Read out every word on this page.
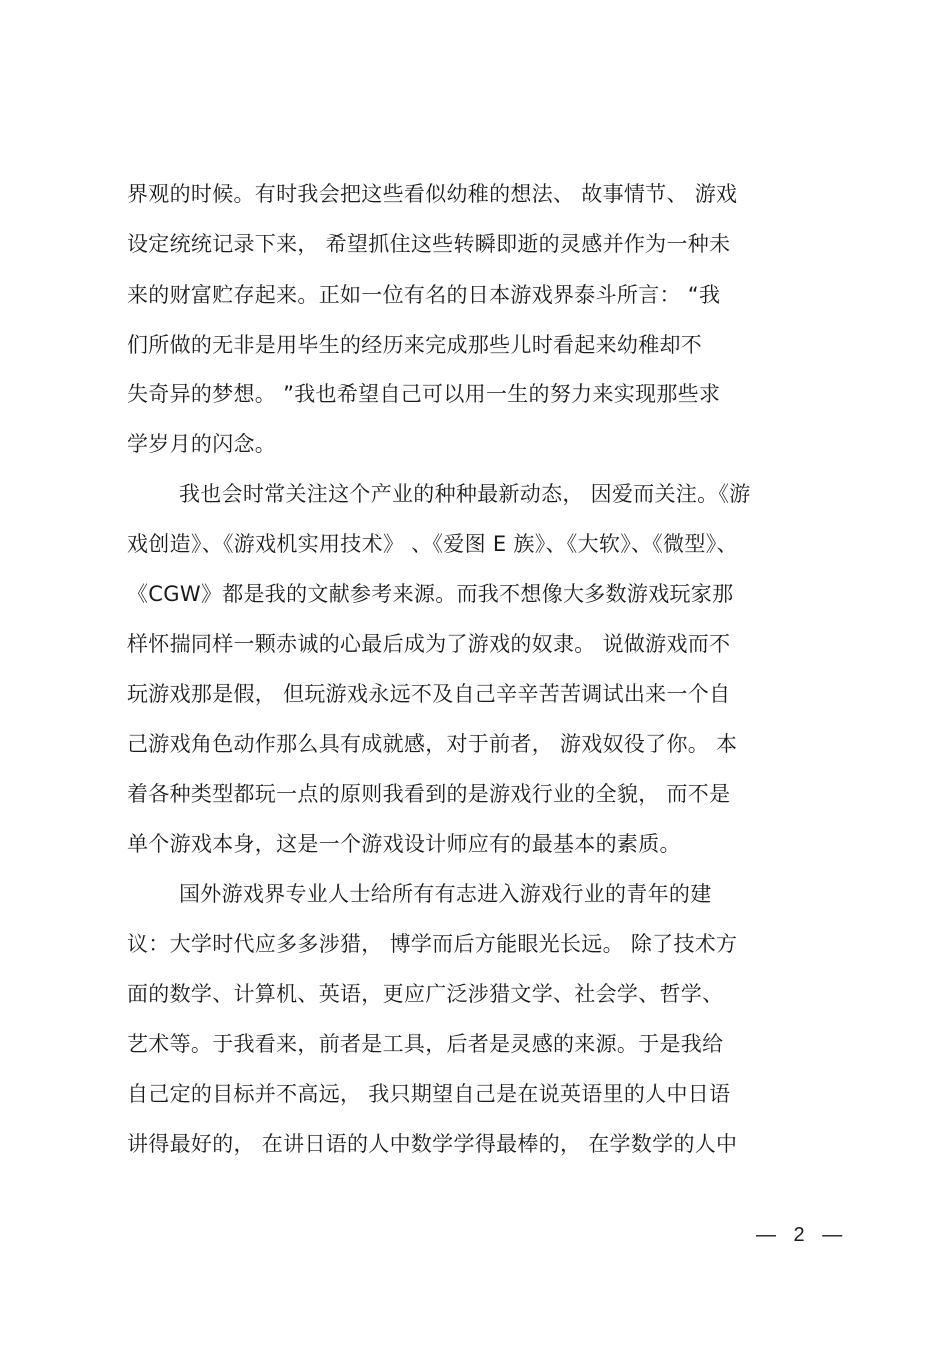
界观的时候。有时我会把这些看似幼稚的想法、 故事情节、 游戏
设定统统记录下来， 希望抓住这些转瞬即逝的灵感并作为一种未
来的财富贮存起来。正如一位有名的日本游戏界泰斗所言： “我
们所做的无非是用毕生的经历来完成那些儿时看起来幼稚却不
失奇异的梦想。 ”我也希望自己可以用一生的努力来实现那些求
学岁月的闪念。
我也会时常关注这个产业的种种最新动态， 因爱而关注。《游
戏创造》、《游戏机实用技术》 、《爱图 E 族》、《大软》、《微型》、
《CGW》都是我的文献参考来源。而我不想像大多数游戏玩家那
样怀揣同样一颗赤诚的心最后成为了游戏的奴隶。 说做游戏而不
玩游戏那是假， 但玩游戏永远不及自己辛辛苦苦调试出来一个自
己游戏角色动作那么具有成就感，对于前者， 游戏奴役了你。 本
着各种类型都玩一点的原则我看到的是游戏行业的全貌， 而不是
单个游戏本身，这是一个游戏设计师应有的最基本的素质。
国外游戏界专业人士给所有有志进入游戏行业的青年的建
议：大学时代应多多涉猎， 博学而后方能眼光长远。 除了技术方
面的数学、计算机、英语，更应广泛涉猎文学、社会学、哲学、
艺术等。于我看来，前者是工具，后者是灵感的来源。于是我给
自己定的目标并不高远， 我只期望自己是在说英语里的人中日语
讲得最好的， 在讲日语的人中数学学得最棒的， 在学数学的人中
— 2 —
